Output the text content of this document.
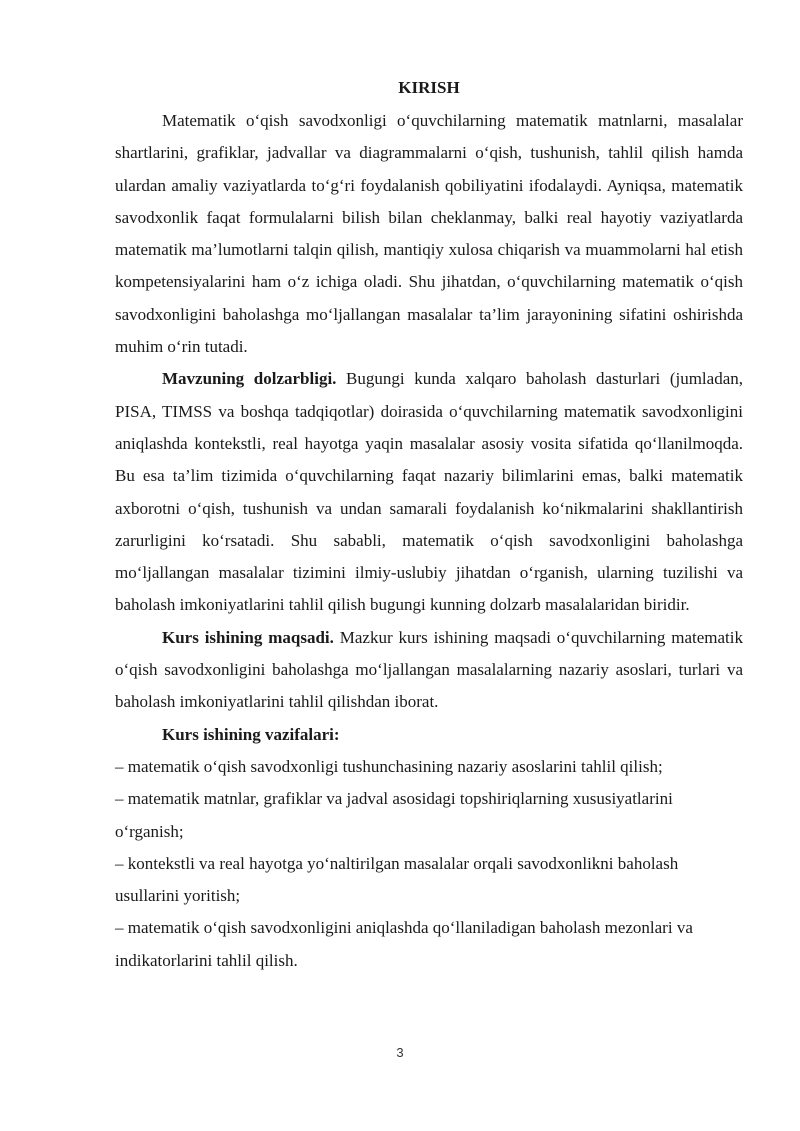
KIRISH

Matematik o‘qish savodxonligi o‘quvchilarning matematik matnlarni, masalalar shartlarini, grafiklar, jadvallar va diagrammalarni o‘qish, tushunish, tahlil qilish hamda ulardan amaliy vaziyatlarda to‘g‘ri foydalanish qobiliyatini ifodalaydi. Ayniqsa, matematik savodxonlik faqat formulalarni bilish bilan cheklanmay, balki real hayotiy vaziyatlarda matematik ma’lumotlarni talqin qilish, mantiqiy xulosa chiqarish va muammolarni hal etish kompetensiyalarini ham o‘z ichiga oladi. Shu jihatdan, o‘quvchilarning matematik o‘qish savodxonligini baholashga mo‘ljallangan masalalar ta’lim jarayonining sifatini oshirishda muhim o‘rin tutadi.

Mavzuning dolzarbligi. Bugungi kunda xalqaro baholash dasturlari (jumladan, PISA, TIMSS va boshqa tadqiqotlar) doirasida o‘quvchilarning matematik savodxonligini aniqlashda kontekstli, real hayotga yaqin masalalar asosiy vosita sifatida qo‘llanilmoqda. Bu esa ta’lim tizimida o‘quvchilarning faqat nazariy bilimlarini emas, balki matematik axborotni o‘qish, tushunish va undan samarali foydalanish ko‘nikmalarini shakllantirish zarurligini ko‘rsatadi. Shu sababli, matematik o‘qish savodxonligini baholashga mo‘ljallangan masalalar tizimini ilmiy-uslubiy jihatdan o‘rganish, ularning tuzilishi va baholash imkoniyatlarini tahlil qilish bugungi kunning dolzarb masalalaridan biridir.

Kurs ishining maqsadi. Mazkur kurs ishining maqsadi o‘quvchilarning matematik o‘qish savodxonligini baholashga mo‘ljallangan masalalarning nazariy asoslari, turlari va baholash imkoniyatlarini tahlil qilishdan iborat.

Kurs ishining vazifalari:

– matematik o‘qish savodxonligi tushunchasining nazariy asoslarini tahlil qilish;
– matematik matnlar, grafiklar va jadval asosidagi topshiriqlarning xususiyatlarini o‘rganish;
– kontekstli va real hayotga yo‘naltirilgan masalalar orqali savodxonlikni baholash usullarini yoritish;
– matematik o‘qish savodxonligini aniqlashda qo‘llaniladigan baholash mezonlari va indikatorlarini tahlil qilish.
3
